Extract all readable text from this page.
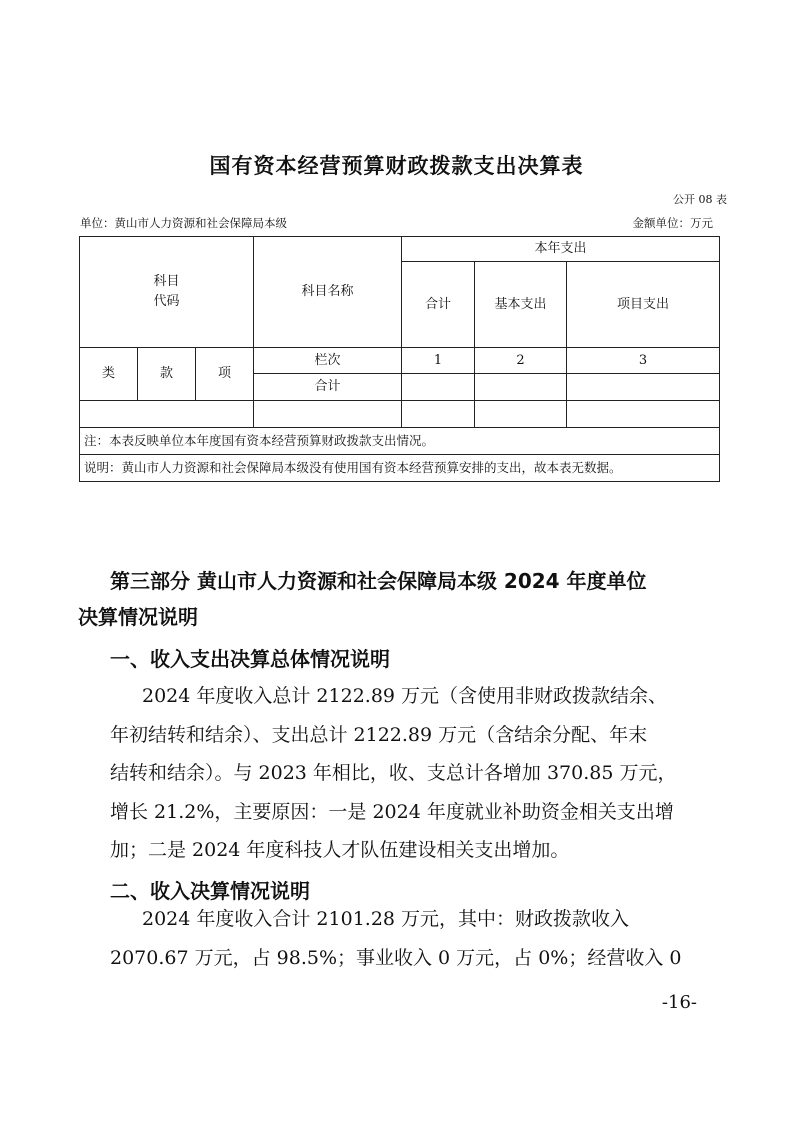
国有资本经营预算财政拨款支出决算表
公开 08 表
单位：黄山市人力资源和社会保障局本级	金额单位：万元
科目
代码			科目名称	本年支出		
				合计	基本支出	项目支出
类	款	项	栏次	1	2	3
			合计			

注：本表反映单位本年度国有资本经营预算财政拨款支出情况。						
说明：黄山市人力资源和社会保障局本级没有使用国有资本经营预算安排的支出，故本表无数据。						
第三部分 黄山市人力资源和社会保障局本级 2024 年度单位
决算情况说明
一、收入支出决算总体情况说明
2024 年度收入总计 2122.89 万元（含使用非财政拨款结余、
年初结转和结余）、支出总计 2122.89 万元（含结余分配、年末
结转和结余）。与 2023 年相比，收、支总计各增加 370.85 万元，
增长 21.2%，主要原因：一是 2024 年度就业补助资金相关支出增
加；二是 2024 年度科技人才队伍建设相关支出增加。
二、收入决算情况说明
2024 年度收入合计 2101.28 万元，其中：财政拨款收入
2070.67 万元，占 98.5%；事业收入 0 万元，占 0%；经营收入 0
-16-
